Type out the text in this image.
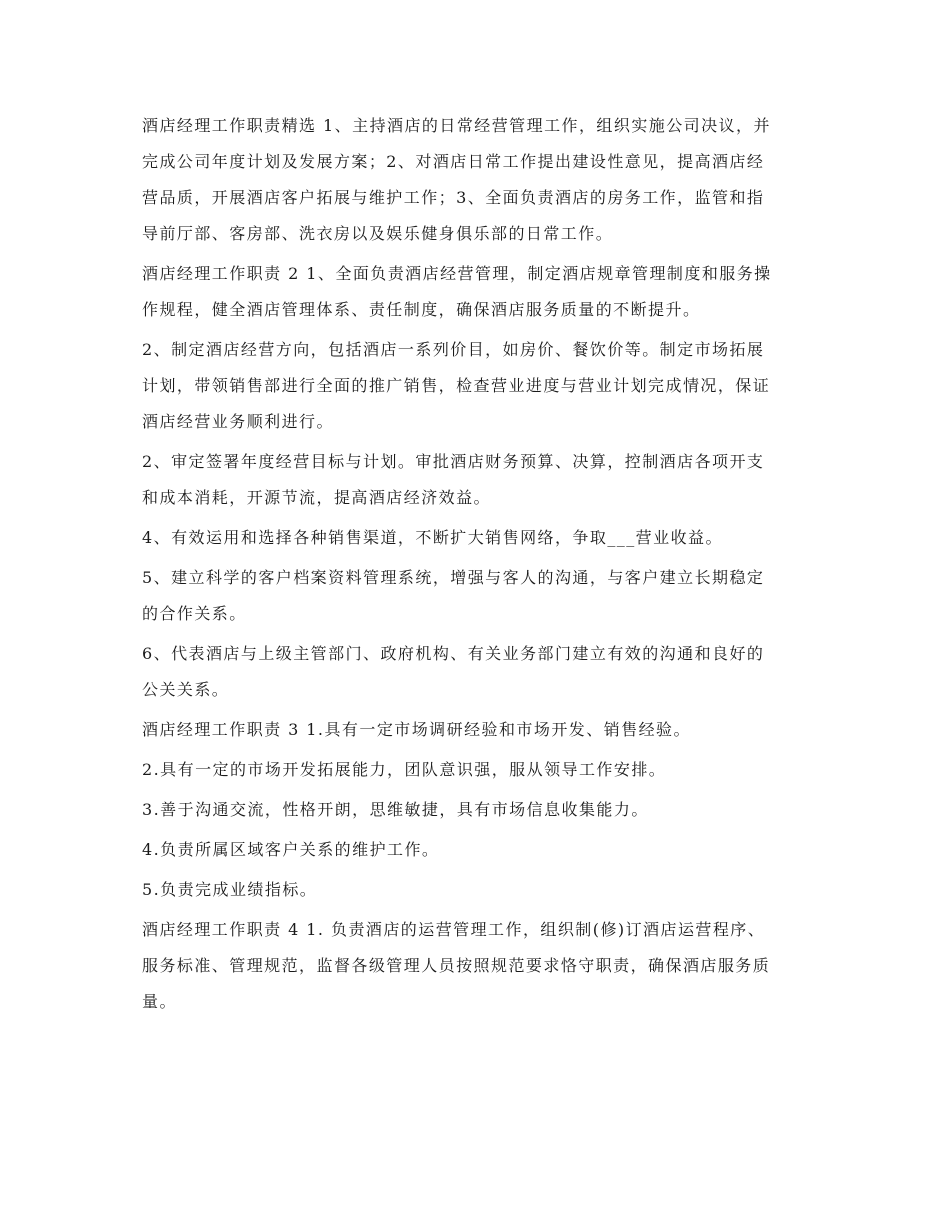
酒店经理工作职责精选 1、主持酒店的日常经营管理工作，组织实施公司决议，并
完成公司年度计划及发展方案；2、对酒店日常工作提出建设性意见，提高酒店经
营品质，开展酒店客户拓展与维护工作；3、全面负责酒店的房务工作，监管和指
导前厅部、客房部、洗衣房以及娱乐健身俱乐部的日常工作。

酒店经理工作职责 2 1、全面负责酒店经营管理，制定酒店规章管理制度和服务操
作规程，健全酒店管理体系、责任制度，确保酒店服务质量的不断提升。

2、制定酒店经营方向，包括酒店一系列价目，如房价、餐饮价等。制定市场拓展
计划，带领销售部进行全面的推广销售，检查营业进度与营业计划完成情况，保证
酒店经营业务顺利进行。

2、审定签署年度经营目标与计划。审批酒店财务预算、决算，控制酒店各项开支
和成本消耗，开源节流，提高酒店经济效益。

4、有效运用和选择各种销售渠道，不断扩大销售网络，争取___营业收益。

5、建立科学的客户档案资料管理系统，增强与客人的沟通，与客户建立长期稳定
的合作关系。

6、代表酒店与上级主管部门、政府机构、有关业务部门建立有效的沟通和良好的
公关关系。

酒店经理工作职责 3 1.具有一定市场调研经验和市场开发、销售经验。

2.具有一定的市场开发拓展能力，团队意识强，服从领导工作安排。

3.善于沟通交流，性格开朗，思维敏捷，具有市场信息收集能力。

4.负责所属区域客户关系的维护工作。

5.负责完成业绩指标。

酒店经理工作职责 4 1. 负责酒店的运营管理工作，组织制(修)订酒店运营程序、
服务标准、管理规范，监督各级管理人员按照规范要求恪守职责，确保酒店服务质
量。
